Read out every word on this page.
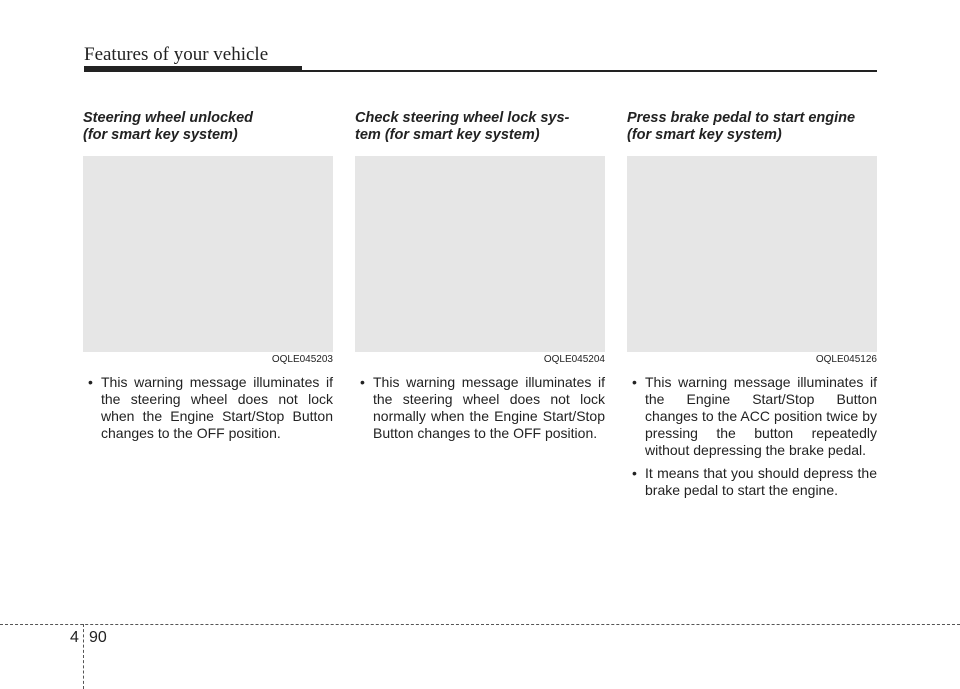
Features of your vehicle
Steering wheel unlocked
(for smart key system)
OQLE045203
• This warning message illuminates if the steering wheel does not lock when the Engine Start/Stop Button changes to the OFF position.
Check steering wheel lock sys-
tem (for smart key system)
OQLE045204
• This warning message illuminates if the steering wheel does not lock normally when the Engine Start/Stop Button changes to the OFF position.
Press brake pedal to start engine
(for smart key system)
OQLE045126
• This warning message illuminates if the Engine Start/Stop Button changes to the ACC position twice by pressing the button repeatedly without depressing the brake pedal.
• It means that you should depress the brake pedal to start the engine.
4 90
